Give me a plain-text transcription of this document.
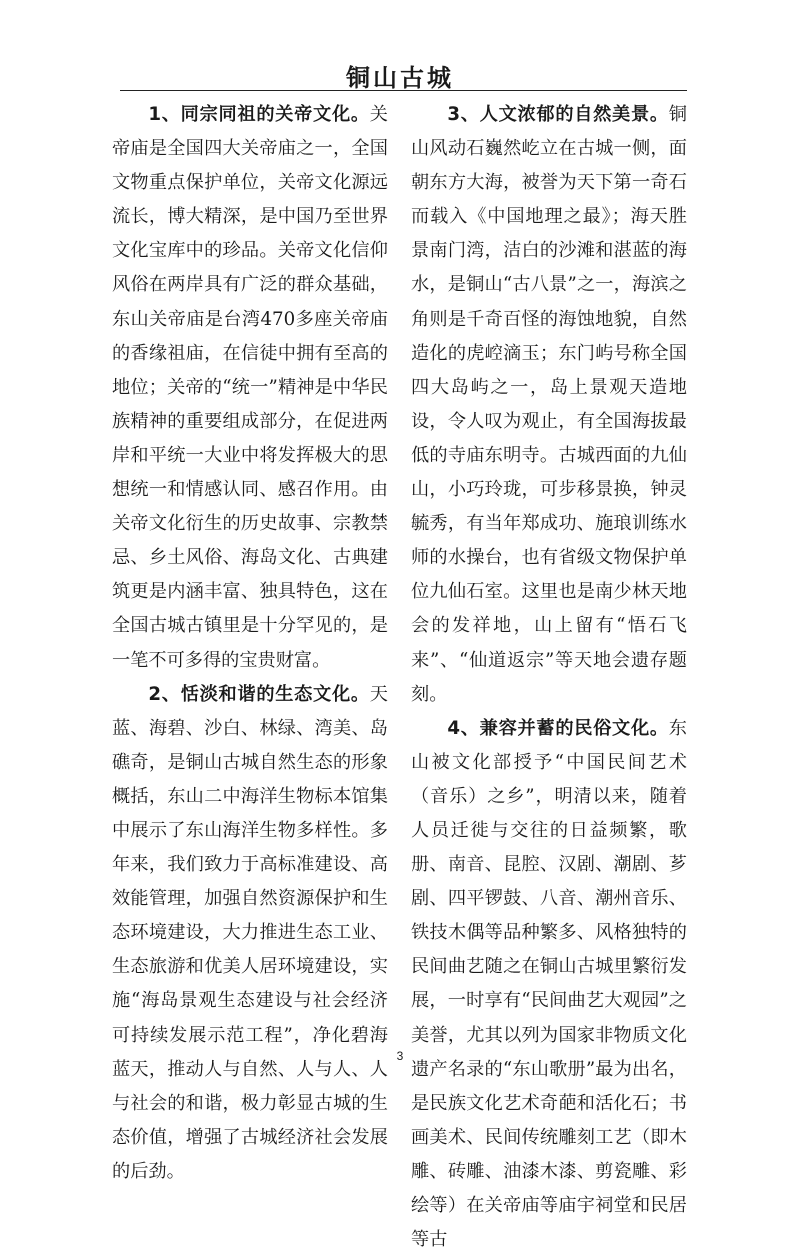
铜山古城

1、同宗同祖的关帝文化。关帝庙是全国四大关帝庙之一，全国文物重点保护单位，关帝文化源远流长，博大精深，是中国乃至世界文化宝库中的珍品。关帝文化信仰风俗在两岸具有广泛的群众基础，东山关帝庙是台湾470多座关帝庙的香缘祖庙，在信徒中拥有至高的地位；关帝的“统一”精神是中华民族精神的重要组成部分，在促进两岸和平统一大业中将发挥极大的思想统一和情感认同、感召作用。由关帝文化衍生的历史故事、宗教禁忌、乡土风俗、海岛文化、古典建筑更是内涵丰富、独具特色，这在全国古城古镇里是十分罕见的，是一笔不可多得的宝贵财富。

2、恬淡和谐的生态文化。天蓝、海碧、沙白、林绿、湾美、岛礁奇，是铜山古城自然生态的形象概括，东山二中海洋生物标本馆集中展示了东山海洋生物多样性。多年来，我们致力于高标准建设、高效能管理，加强自然资源保护和生态环境建设，大力推进生态工业、生态旅游和优美人居环境建设，实施“海岛景观生态建设与社会经济可持续发展示范工程”，净化碧海蓝天，推动人与自然、人与人、人与社会的和谐，极力彰显古城的生态价值，增强了古城经济社会发展的后劲。

3、人文浓郁的自然美景。铜山风动石巍然屹立在古城一侧，面朝东方大海，被誉为天下第一奇石而载入《中国地理之最》；海天胜景南门湾，洁白的沙滩和湛蓝的海水，是铜山“古八景”之一，海滨之角则是千奇百怪的海蚀地貌，自然造化的虎崆滴玉；东门屿号称全国四大岛屿之一，岛上景观天造地设，令人叹为观止，有全国海拔最低的寺庙东明寺。古城西面的九仙山，小巧玲珑，可步移景换，钟灵毓秀，有当年郑成功、施琅训练水师的水操台，也有省级文物保护单位九仙石室。这里也是南少林天地会的发祥地，山上留有“悟石飞来”、“仙道返宗”等天地会遗存题刻。

4、兼容并蓄的民俗文化。东山被文化部授予“中国民间艺术（音乐）之乡”，明清以来，随着人员迁徙与交往的日益频繁，歌册、南音、昆腔、汉剧、潮剧、芗剧、四平锣鼓、八音、潮州音乐、铁技木偶等品种繁多、风格独特的民间曲艺随之在铜山古城里繁衍发展，一时享有“民间曲艺大观园”之美誉，尤其以列为国家非物质文化遗产名录的“东山歌册”最为出名，是民族文化艺术奇葩和活化石；书画美术、民间传统雕刻工艺（即木雕、砖雕、油漆木漆、剪瓷雕、彩绘等）在关帝庙等庙宇祠堂和民居等古

3
